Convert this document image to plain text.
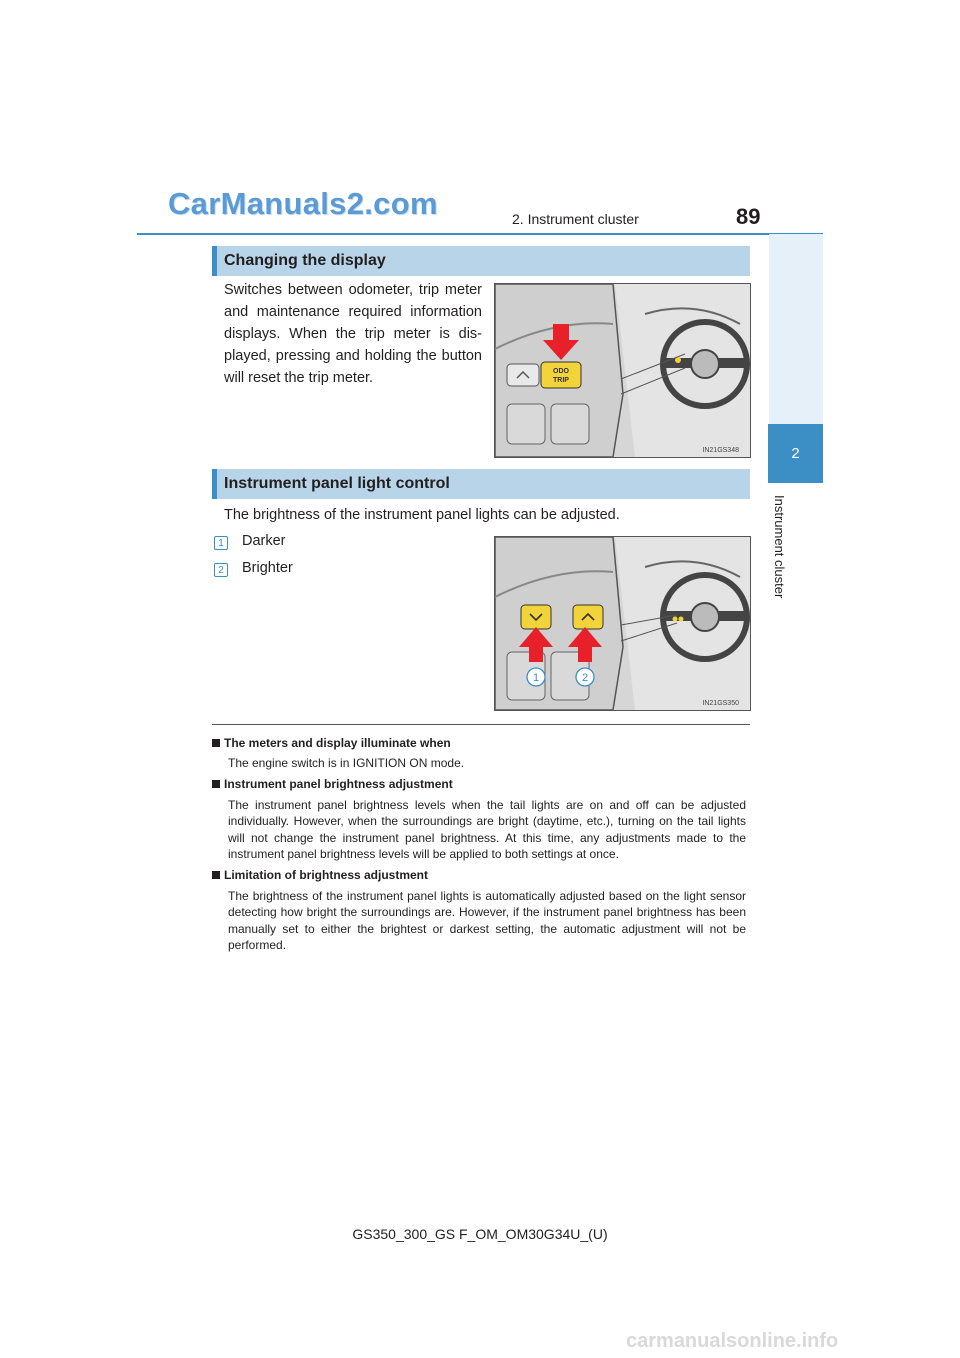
CarManuals2.com	2. Instrument cluster	89
2
Instrument cluster
Changing the display
Switches between odometer, trip meter and maintenance required information displays. When the trip meter is dis-played, pressing and holding the button will reset the trip meter.	ODO
TRIP
IN21GS348
Instrument panel light control
The brightness of the instrument panel lights can be adjusted.
1 Darker
2 Brighter
1	2
IN21GS350
The meters and display illuminate when
The engine switch is in IGNITION ON mode.
Instrument panel brightness adjustment
The instrument panel brightness levels when the tail lights are on and off can be adjusted individually. However, when the surroundings are bright (daytime, etc.), turning on the tail lights will not change the instrument panel brightness. At this time, any adjustments made to the instrument panel brightness levels will be applied to both settings at once.
Limitation of brightness adjustment
The brightness of the instrument panel lights is automatically adjusted based on the light sensor detecting how bright the surroundings are. However, if the instrument panel brightness has been manually set to either the brightest or darkest setting, the automatic adjustment will not be performed.
GS350_300_GS F_OM_OM30G34U_(U)
carmanualsonline.info
